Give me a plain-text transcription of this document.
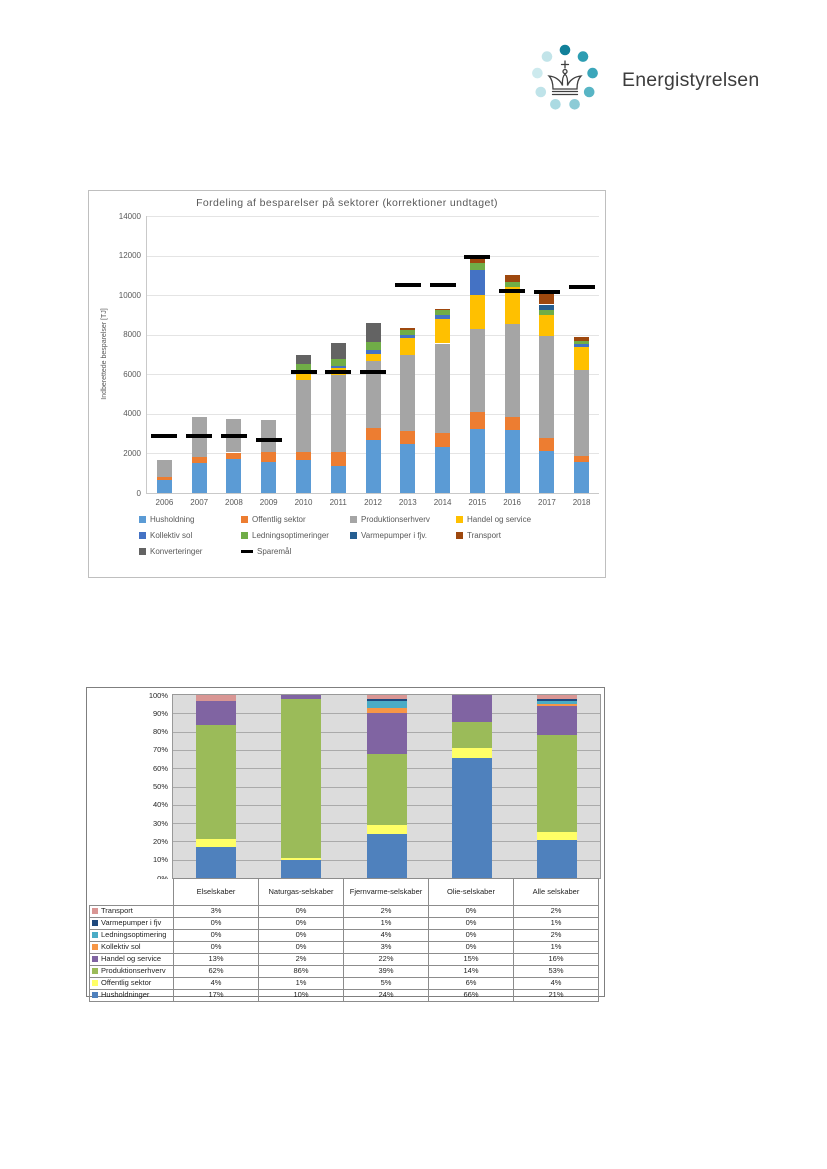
Energistyrelsen
Fordeling af besparelser på sektorer (korrektioner undtaget)
Indberettede besparelser [TJ]
0
2000
4000
6000
8000
10000
12000
14000
2006	2007	2008	2009	2010	2011	2012	2013	2014	2015	2016	2017	2018
Husholdning	Offentlig sektor	Produktionserhverv	Handel og service
Kollektiv sol	Ledningsoptimeringer	Varmepumper i fjv.	Transport
Konverteringer	Sparemål
10%
20%
30%
40%
50%
60%
70%
80%
90%
100%
	Elselskaber	Naturgas-selskaber	Fjernvarme-selskaber	Olie-selskaber	Alle selskaber
Transport	3%	0%	2%	0%	2%
Varmepumper i fjv	0%	0%	1%	0%	1%
Ledningsoptimering	0%	0%	4%	0%	2%
Kollektiv sol	0%	0%	3%	0%	1%
Handel og service	13%	2%	22%	15%	16%
Produktionserhverv	62%	86%	39%	14%	53%
Offentlig sektor	4%	1%	5%	6%	4%
Husholdninger	17%	10%	24%	66%	21%
